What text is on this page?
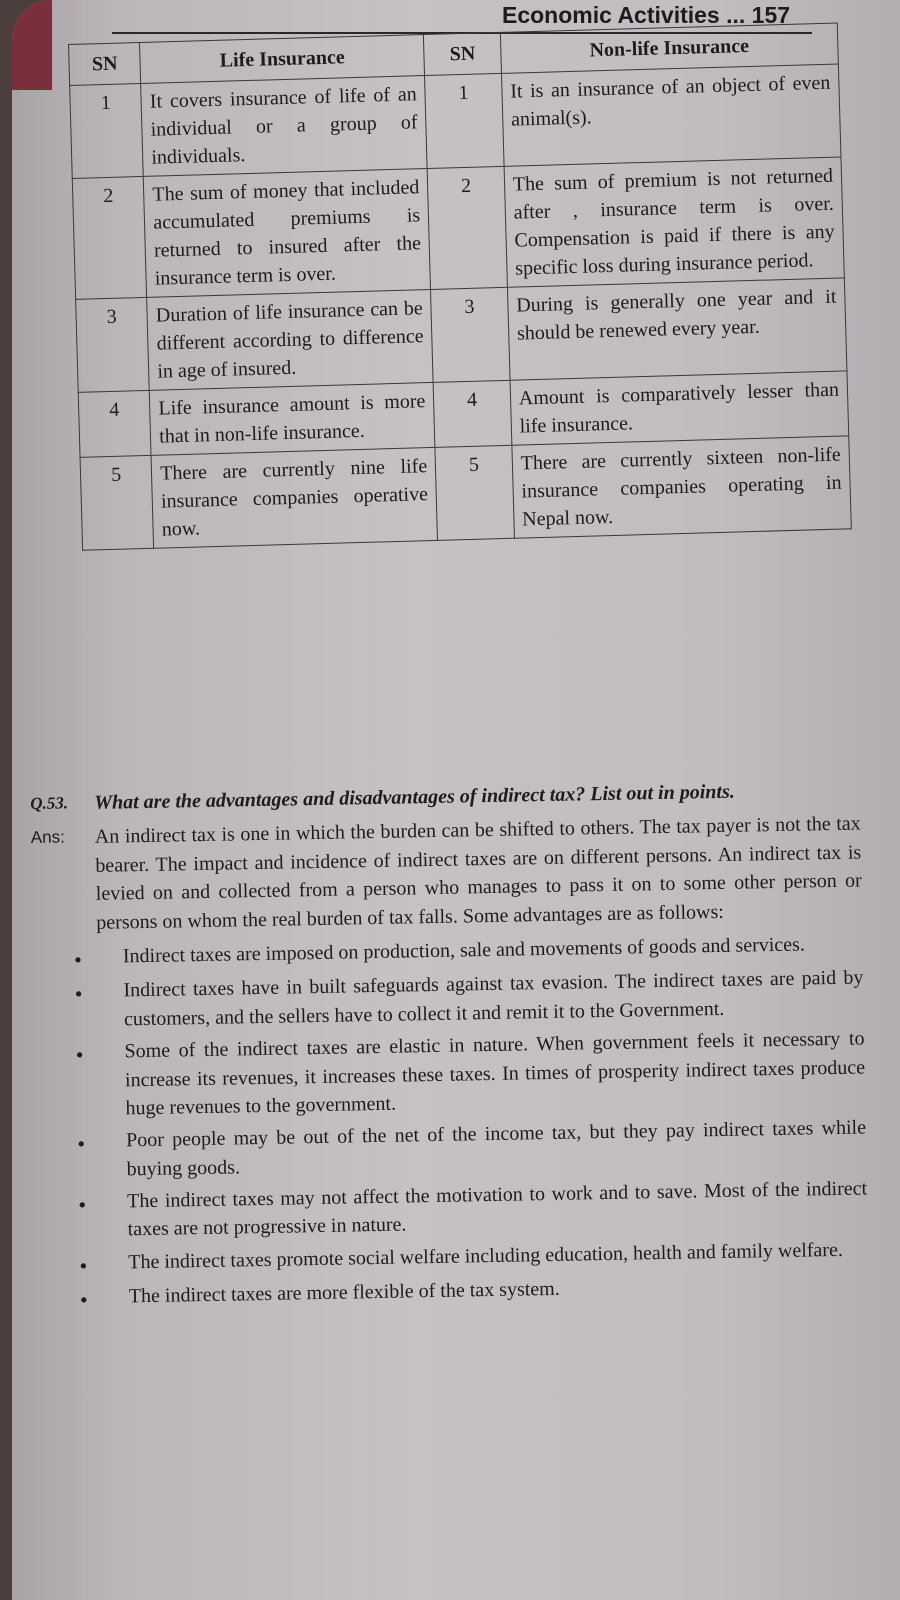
Economic Activities ... 157
SN	Life Insurance	SN	Non-life Insurance
1	It covers insurance of life of an individual or a group of individuals.	1	It is an insurance of an object of even animal(s).
2	The sum of money that included accumulated premiums is returned to insured after the insurance term is over.	2	The sum of premium is not returned after , insurance term is over. Compensation is paid if there is any specific loss during insurance period.
3	Duration of life insurance can be different according to difference in age of insured.	3	During is generally one year and it should be renewed every year.
4	Life insurance amount is more that in non-life insurance.	4	Amount is comparatively lesser than life insurance.
5	There are currently nine life insurance companies operative now.	5	There are currently sixteen non-life insurance companies operating in Nepal now.
Q.53.	What are the advantages and disadvantages of indirect tax? List out in points.
Ans:	An indirect tax is one in which the burden can be shifted to others. The tax payer is not the tax bearer. The impact and incidence of indirect taxes are on different persons. An indirect tax is levied on and collected from a person who manages to pass it on to some other person or persons on whom the real burden of tax falls. Some advantages are as follows:
•	Indirect taxes are imposed on production, sale and movements of goods and services.
•	Indirect taxes have in built safeguards against tax evasion. The indirect taxes are paid by customers, and the sellers have to collect it and remit it to the Government.
•	Some of the indirect taxes are elastic in nature. When government feels it necessary to increase its revenues, it increases these taxes. In times of prosperity indirect taxes produce huge revenues to the government.
•	Poor people may be out of the net of the income tax, but they pay indirect taxes while buying goods.
•	The indirect taxes may not affect the motivation to work and to save. Most of the indirect taxes are not progressive in nature.
•	The indirect taxes promote social welfare including education, health and family welfare.
•	The indirect taxes are more flexible of the tax system.
